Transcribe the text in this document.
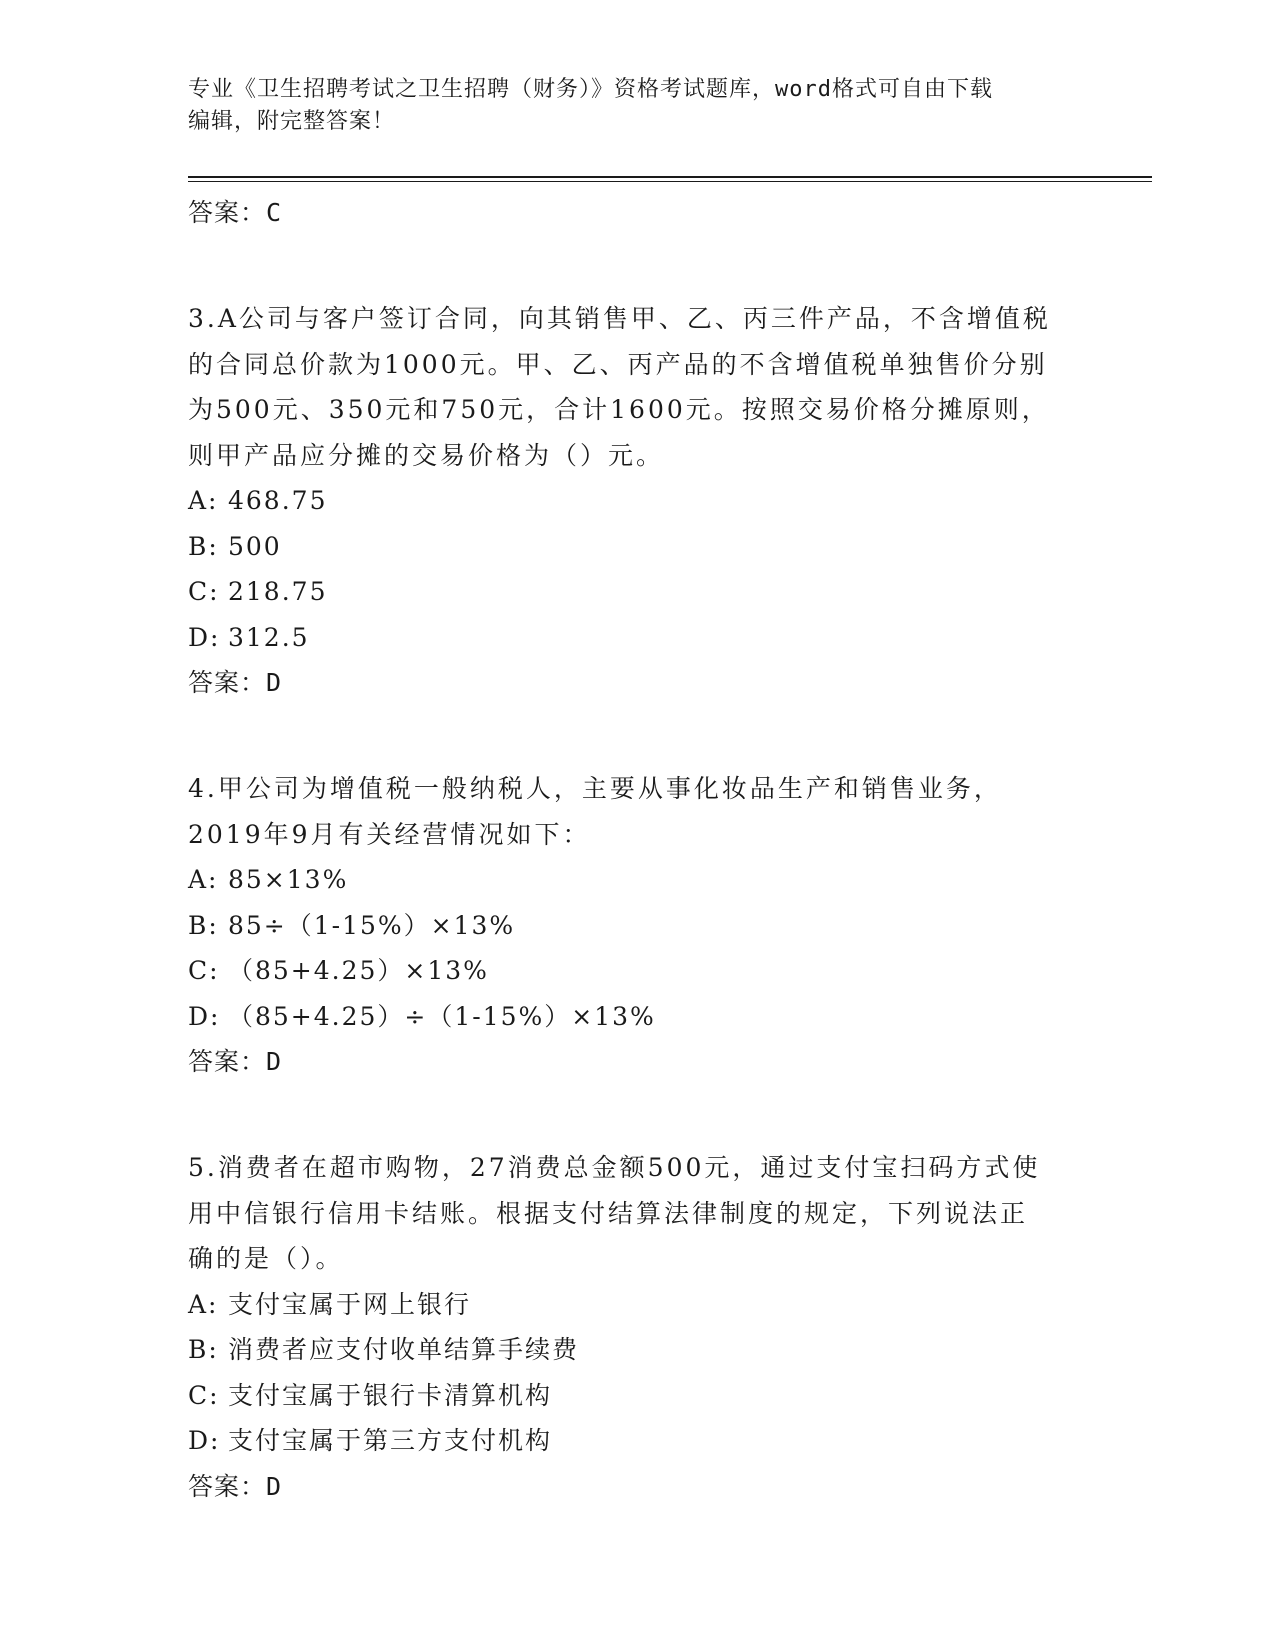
专业《卫生招聘考试之卫生招聘（财务）》资格考试题库，word格式可自由下载
编辑，附完整答案！
答案：C
3.A公司与客户签订合同，向其销售甲、乙、丙三件产品，不含增值税
的合同总价款为1000元。甲、乙、丙产品的不含增值税单独售价分别
为500元、350元和750元，合计1600元。按照交易价格分摊原则，
则甲产品应分摊的交易价格为（）元。
A: 468.75
B: 500
C: 218.75
D: 312.5
答案：D
4.甲公司为增值税一般纳税人，主要从事化妆品生产和销售业务，
2019年9月有关经营情况如下：
A: 85×13%
B: 85÷（1-15%）×13%
C: （85+4.25）×13%
D: （85+4.25）÷（1-15%）×13%
答案：D
5.消费者在超市购物，27消费总金额500元，通过支付宝扫码方式使
用中信银行信用卡结账。根据支付结算法律制度的规定，下列说法正
确的是（）。
A: 支付宝属于网上银行
B: 消费者应支付收单结算手续费
C: 支付宝属于银行卡清算机构
D: 支付宝属于第三方支付机构
答案：D
